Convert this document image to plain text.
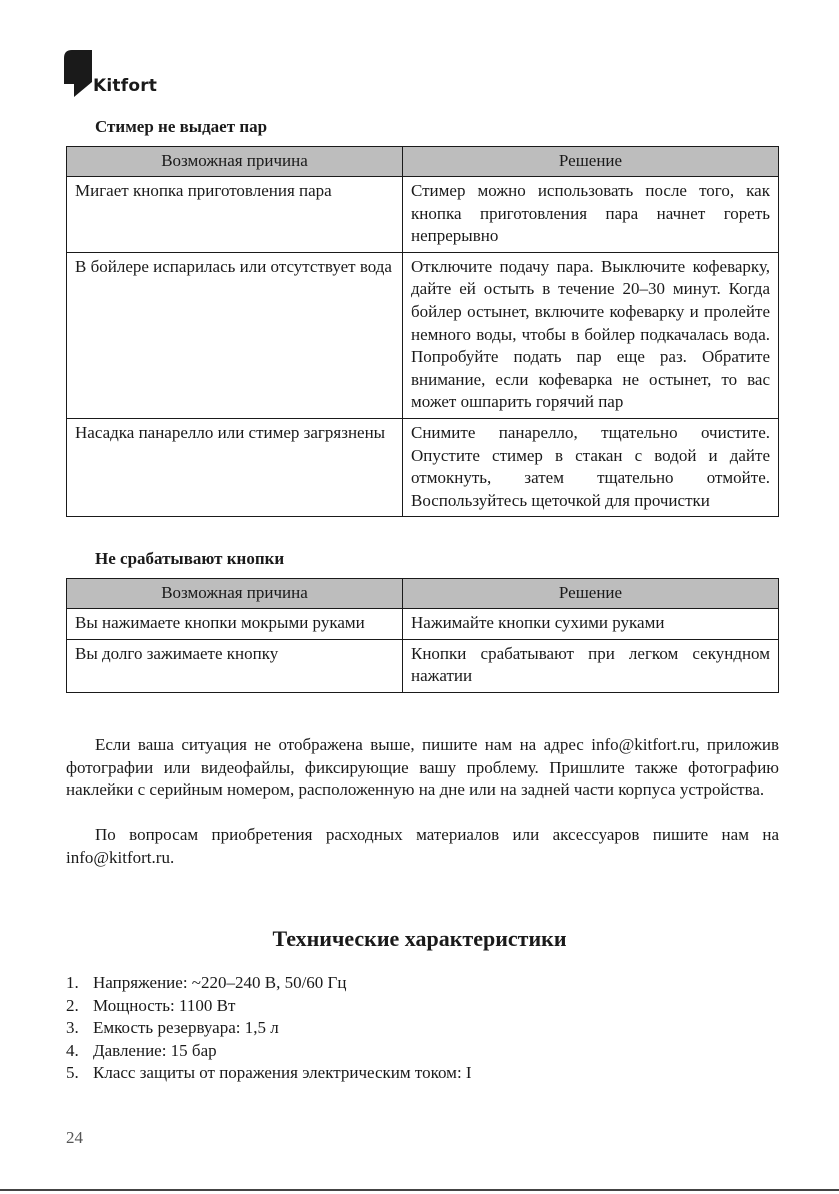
Kitfort
Стимер не выдает пар
Возможная причина	Решение
Мигает кнопка приготовления пара	Стимер можно использовать после того, как кнопка приготовления пара начнет гореть непрерывно
В бойлере испарилась или отсутствует вода	Отключите подачу пара. Выключите кофеварку, дайте ей остыть в течение 20–30 минут. Когда бойлер остынет, включите кофеварку и пролейте немного воды, чтобы в бойлер подкачалась вода. Попробуйте подать пар еще раз. Обратите внимание, если кофеварка не остынет, то вас может ошпарить горячий пар
Насадка панарелло или стимер загрязнены	Снимите панарелло, тщательно очистите. Опустите стимер в стакан с водой и дайте отмокнуть, затем тщательно отмойте. Воспользуйтесь щеточкой для прочистки
Не срабатывают кнопки
Возможная причина	Решение
Вы нажимаете кнопки мокрыми руками	Нажимайте кнопки сухими руками
Вы долго зажимаете кнопку	Кнопки срабатывают при легком секундном нажатии

Если ваша ситуация не отображена выше, пишите нам на адрес info@kitfort.ru, приложив фотографии или видеофайлы, фиксирующие вашу проблему. Пришлите также фотографию наклейки с серийным номером, расположенную на дне или на задней части корпуса устройства.

По вопросам приобретения расходных материалов или аксессуаров пишите нам на info@kitfort.ru.

Технические характеристики
1. Напряжение: ~220–240 В, 50/60 Гц
2. Мощность: 1100 Вт
3. Емкость резервуара: 1,5 л
4. Давление: 15 бар
5. Класс защиты от поражения электрическим током: I
24
